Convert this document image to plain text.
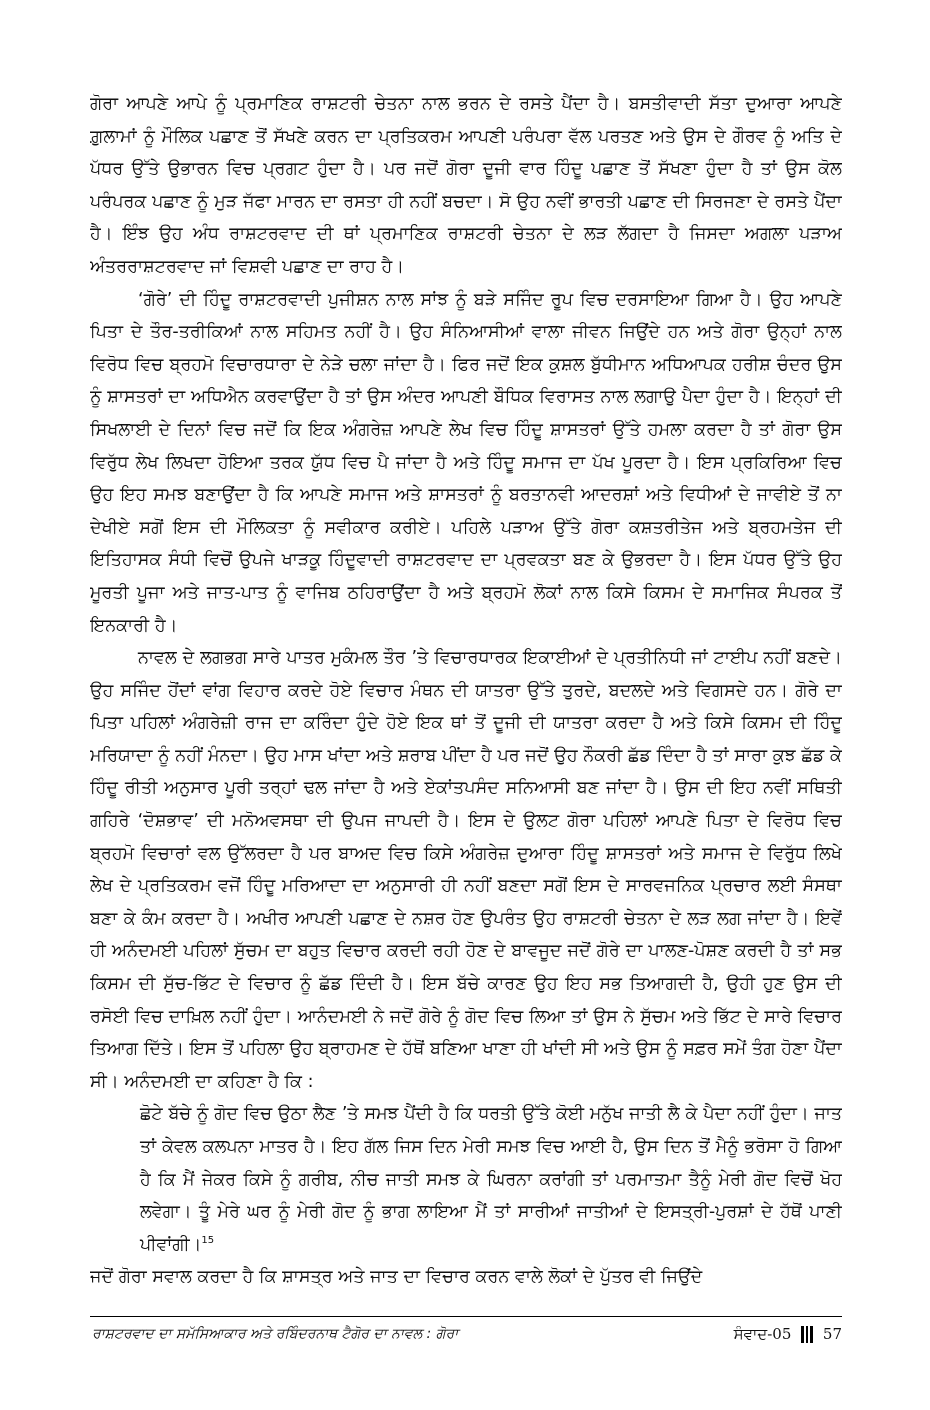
ਗੋਰਾ ਆਪਣੇ ਆਪੇ ਨੂੰ ਪ੍ਰਮਾਣਿਕ ਰਾਸ਼ਟਰੀ ਚੇਤਨਾ ਨਾਲ ਭਰਨ ਦੇ ਰਸਤੇ ਪੈਂਦਾ ਹੈ। ਬਸਤੀਵਾਦੀ ਸੱਤਾ ਦੁਆਰਾ ਆਪਣੇ ਗ਼ੁਲਾਮਾਂ ਨੂੰ ਮੌਲਿਕ ਪਛਾਣ ਤੋਂ ਸੱਖਣੇ ਕਰਨ ਦਾ ਪ੍ਰਤਿਕਰਮ ਆਪਣੀ ਪਰੰਪਰਾ ਵੱਲ ਪਰਤਣ ਅਤੇ ਉਸ ਦੇ ਗੌਰਵ ਨੂੰ ਅਤਿ ਦੇ ਪੱਧਰ ਉੱਤੇ ਉਭਾਰਨ ਵਿਚ ਪ੍ਰਗਟ ਹੁੰਦਾ ਹੈ। ਪਰ ਜਦੋਂ ਗੋਰਾ ਦੂਜੀ ਵਾਰ ਹਿੰਦੂ ਪਛਾਣ ਤੋਂ ਸੱਖਣਾ ਹੁੰਦਾ ਹੈ ਤਾਂ ਉਸ ਕੋਲ ਪਰੰਪਰਕ ਪਛਾਣ ਨੂੰ ਮੁੜ ਜੱਫਾ ਮਾਰਨ ਦਾ ਰਸਤਾ ਹੀ ਨਹੀਂ ਬਚਦਾ। ਸੋ ਉਹ ਨਵੀਂ ਭਾਰਤੀ ਪਛਾਣ ਦੀ ਸਿਰਜਣਾ ਦੇ ਰਸਤੇ ਪੈਂਦਾ ਹੈ। ਇੰਝ ਉਹ ਅੰਧ ਰਾਸ਼ਟਰਵਾਦ ਦੀ ਥਾਂ ਪ੍ਰਮਾਣਿਕ ਰਾਸ਼ਟਰੀ ਚੇਤਨਾ ਦੇ ਲੜ ਲੱਗਦਾ ਹੈ ਜਿਸਦਾ ਅਗਲਾ ਪੜਾਅ ਅੰਤਰਰਾਸ਼ਟਰਵਾਦ ਜਾਂ ਵਿਸ਼ਵੀ ਪਛਾਣ ਦਾ ਰਾਹ ਹੈ।

‘ਗੋਰੇ’ ਦੀ ਹਿੰਦੂ ਰਾਸ਼ਟਰਵਾਦੀ ਪੁਜੀਸ਼ਨ ਨਾਲ ਸਾਂਝ ਨੂੰ ਬੜੇ ਸਜਿੰਦ ਰੂਪ ਵਿਚ ਦਰਸਾਇਆ ਗਿਆ ਹੈ। ਉਹ ਆਪਣੇ ਪਿਤਾ ਦੇ ਤੌਰ-ਤਰੀਕਿਆਂ ਨਾਲ ਸਹਿਮਤ ਨਹੀਂ ਹੈ। ਉਹ ਸੰਨਿਆਸੀਆਂ ਵਾਲਾ ਜੀਵਨ ਜਿਉਂਦੇ ਹਨ ਅਤੇ ਗੋਰਾ ਉਨ੍ਹਾਂ ਨਾਲ ਵਿਰੋਧ ਵਿਚ ਬ੍ਰਹਮੋ ਵਿਚਾਰਧਾਰਾ ਦੇ ਨੇੜੇ ਚਲਾ ਜਾਂਦਾ ਹੈ। ਫਿਰ ਜਦੋਂ ਇਕ ਕੁਸ਼ਲ ਬੁੱਧੀਮਾਨ ਅਧਿਆਪਕ ਹਰੀਸ਼ ਚੰਦਰ ਉਸ ਨੂੰ ਸ਼ਾਸਤਰਾਂ ਦਾ ਅਧਿਐਨ ਕਰਵਾਉਂਦਾ ਹੈ ਤਾਂ ਉਸ ਅੰਦਰ ਆਪਣੀ ਬੌਧਿਕ ਵਿਰਾਸਤ ਨਾਲ ਲਗਾਉ ਪੈਦਾ ਹੁੰਦਾ ਹੈ। ਇਨ੍ਹਾਂ ਦੀ ਸਿਖਲਾਈ ਦੇ ਦਿਨਾਂ ਵਿਚ ਜਦੋਂ ਕਿ ਇਕ ਅੰਗਰੇਜ਼ ਆਪਣੇ ਲੇਖ ਵਿਚ ਹਿੰਦੂ ਸ਼ਾਸਤਰਾਂ ਉੱਤੇ ਹਮਲਾ ਕਰਦਾ ਹੈ ਤਾਂ ਗੋਰਾ ਉਸ ਵਿਰੁੱਧ ਲੇਖ ਲਿਖਦਾ ਹੋਇਆ ਤਰਕ ਯੁੱਧ ਵਿਚ ਪੈ ਜਾਂਦਾ ਹੈ ਅਤੇ ਹਿੰਦੂ ਸਮਾਜ ਦਾ ਪੱਖ ਪੂਰਦਾ ਹੈ। ਇਸ ਪ੍ਰਕਿਰਿਆ ਵਿਚ ਉਹ ਇਹ ਸਮਝ ਬਣਾਉਂਦਾ ਹੈ ਕਿ ਆਪਣੇ ਸਮਾਜ ਅਤੇ ਸ਼ਾਸਤਰਾਂ ਨੂੰ ਬਰਤਾਨਵੀ ਆਦਰਸ਼ਾਂ ਅਤੇ ਵਿਧੀਆਂ ਦੇ ਜਾਵੀਏ ਤੋਂ ਨਾ ਦੇਖੀਏ ਸਗੋਂ ਇਸ ਦੀ ਮੌਲਿਕਤਾ ਨੂੰ ਸਵੀਕਾਰ ਕਰੀਏ। ਪਹਿਲੇ ਪੜਾਅ ਉੱਤੇ ਗੋਰਾ ਕਸ਼ਤਰੀਤੇਜ ਅਤੇ ਬ੍ਰਹਮਤੇਜ ਦੀ ਇਤਿਹਾਸਕ ਸੰਧੀ ਵਿਚੋਂ ਉਪਜੇ ਖਾੜਕੂ ਹਿੰਦੂਵਾਦੀ ਰਾਸ਼ਟਰਵਾਦ ਦਾ ਪ੍ਰਵਕਤਾ ਬਣ ਕੇ ਉਭਰਦਾ ਹੈ। ਇਸ ਪੱਧਰ ਉੱਤੇ ਉਹ ਮੂਰਤੀ ਪੂਜਾ ਅਤੇ ਜਾਤ-ਪਾਤ ਨੂੰ ਵਾਜਿਬ ਠਹਿਰਾਉਂਦਾ ਹੈ ਅਤੇ ਬ੍ਰਹਮੋ ਲੋਕਾਂ ਨਾਲ ਕਿਸੇ ਕਿਸਮ ਦੇ ਸਮਾਜਿਕ ਸੰਪਰਕ ਤੋਂ ਇਨਕਾਰੀ ਹੈ।

ਨਾਵਲ ਦੇ ਲਗਭਗ ਸਾਰੇ ਪਾਤਰ ਮੁਕੰਮਲ ਤੌਰ ’ਤੇ ਵਿਚਾਰਧਾਰਕ ਇਕਾਈਆਂ ਦੇ ਪ੍ਰਤੀਨਿਧੀ ਜਾਂ ਟਾਈਪ ਨਹੀਂ ਬਣਦੇ। ਉਹ ਸਜਿੰਦ ਹੋਂਦਾਂ ਵਾਂਗ ਵਿਹਾਰ ਕਰਦੇ ਹੋਏ ਵਿਚਾਰ ਮੰਥਨ ਦੀ ਯਾਤਰਾ ਉੱਤੇ ਤੁਰਦੇ, ਬਦਲਦੇ ਅਤੇ ਵਿਗਸਦੇ ਹਨ। ਗੋਰੇ ਦਾ ਪਿਤਾ ਪਹਿਲਾਂ ਅੰਗਰੇਜ਼ੀ ਰਾਜ ਦਾ ਕਰਿੰਦਾ ਹੁੰਦੇ ਹੋਏ ਇਕ ਥਾਂ ਤੋਂ ਦੂਜੀ ਦੀ ਯਾਤਰਾ ਕਰਦਾ ਹੈ ਅਤੇ ਕਿਸੇ ਕਿਸਮ ਦੀ ਹਿੰਦੂ ਮਰਿਯਾਦਾ ਨੂੰ ਨਹੀਂ ਮੰਨਦਾ। ਉਹ ਮਾਸ ਖਾਂਦਾ ਅਤੇ ਸ਼ਰਾਬ ਪੀਂਦਾ ਹੈ ਪਰ ਜਦੋਂ ਉਹ ਨੌਕਰੀ ਛੱਡ ਦਿੰਦਾ ਹੈ ਤਾਂ ਸਾਰਾ ਕੁਝ ਛੱਡ ਕੇ ਹਿੰਦੂ ਰੀਤੀ ਅਨੁਸਾਰ ਪੂਰੀ ਤਰ੍ਹਾਂ ਢਲ ਜਾਂਦਾ ਹੈ ਅਤੇ ਏਕਾਂਤਪਸੰਦ ਸਨਿਆਸੀ ਬਣ ਜਾਂਦਾ ਹੈ। ਉਸ ਦੀ ਇਹ ਨਵੀਂ ਸਥਿਤੀ ਗਹਿਰੇ ‘ਦੋਸ਼ਭਾਵ’ ਦੀ ਮਨੋਅਵਸਥਾ ਦੀ ਉਪਜ ਜਾਪਦੀ ਹੈ। ਇਸ ਦੇ ਉਲਟ ਗੋਰਾ ਪਹਿਲਾਂ ਆਪਣੇ ਪਿਤਾ ਦੇ ਵਿਰੋਧ ਵਿਚ ਬ੍ਰਹਮੋ ਵਿਚਾਰਾਂ ਵਲ ਉੱਲਰਦਾ ਹੈ ਪਰ ਬਾਅਦ ਵਿਚ ਕਿਸੇ ਅੰਗਰੇਜ਼ ਦੁਆਰਾ ਹਿੰਦੂ ਸ਼ਾਸਤਰਾਂ ਅਤੇ ਸਮਾਜ ਦੇ ਵਿਰੁੱਧ ਲਿਖੇ ਲੇਖ ਦੇ ਪ੍ਰਤਿਕਰਮ ਵਜੋਂ ਹਿੰਦੂ ਮਰਿਆਦਾ ਦਾ ਅਨੁਸਾਰੀ ਹੀ ਨਹੀਂ ਬਣਦਾ ਸਗੋਂ ਇਸ ਦੇ ਸਾਰਵਜਨਿਕ ਪ੍ਰਚਾਰ ਲਈ ਸੰਸਥਾ ਬਣਾ ਕੇ ਕੰਮ ਕਰਦਾ ਹੈ। ਅਖੀਰ ਆਪਣੀ ਪਛਾਣ ਦੇ ਨਸ਼ਰ ਹੋਣ ਉਪਰੰਤ ਉਹ ਰਾਸ਼ਟਰੀ ਚੇਤਨਾ ਦੇ ਲੜ ਲਗ ਜਾਂਦਾ ਹੈ। ਇਵੇਂ ਹੀ ਅਨੰਦਮਈ ਪਹਿਲਾਂ ਸੁੱਚਮ ਦਾ ਬਹੁਤ ਵਿਚਾਰ ਕਰਦੀ ਰਹੀ ਹੋਣ ਦੇ ਬਾਵਜੂਦ ਜਦੋਂ ਗੋਰੇ ਦਾ ਪਾਲਣ-ਪੋਸ਼ਣ ਕਰਦੀ ਹੈ ਤਾਂ ਸਭ ਕਿਸਮ ਦੀ ਸੁੱਚ-ਭਿੱਟ ਦੇ ਵਿਚਾਰ ਨੂੰ ਛੱਡ ਦਿੰਦੀ ਹੈ। ਇਸ ਬੱਚੇ ਕਾਰਣ ਉਹ ਇਹ ਸਭ ਤਿਆਗਦੀ ਹੈ, ਉਹੀ ਹੁਣ ਉਸ ਦੀ ਰਸੋਈ ਵਿਚ ਦਾਖ਼ਿਲ ਨਹੀਂ ਹੁੰਦਾ। ਆਨੰਦਮਈ ਨੇ ਜਦੋਂ ਗੋਰੇ ਨੂੰ ਗੋਦ ਵਿਚ ਲਿਆ ਤਾਂ ਉਸ ਨੇ ਸੁੱਚਮ ਅਤੇ ਭਿੱਟ ਦੇ ਸਾਰੇ ਵਿਚਾਰ ਤਿਆਗ ਦਿੱਤੇ। ਇਸ ਤੋਂ ਪਹਿਲਾ ਉਹ ਬ੍ਰਾਹਮਣ ਦੇ ਹੱਥੋਂ ਬਣਿਆ ਖਾਣਾ ਹੀ ਖਾਂਦੀ ਸੀ ਅਤੇ ਉਸ ਨੂੰ ਸਫ਼ਰ ਸਮੇਂ ਤੰਗ ਹੋਣਾ ਪੈਂਦਾ ਸੀ। ਅਨੰਦਮਈ ਦਾ ਕਹਿਣਾ ਹੈ ਕਿ :

ਛੋਟੇ ਬੱਚੇ ਨੂੰ ਗੋਦ ਵਿਚ ਉਠਾ ਲੈਣ ’ਤੇ ਸਮਝ ਪੈਂਦੀ ਹੈ ਕਿ ਧਰਤੀ ਉੱਤੇ ਕੋਈ ਮਨੁੱਖ ਜਾਤੀ ਲੈ ਕੇ ਪੈਦਾ ਨਹੀਂ ਹੁੰਦਾ। ਜਾਤ ਤਾਂ ਕੇਵਲ ਕਲਪਨਾ ਮਾਤਰ ਹੈ। ਇਹ ਗੱਲ ਜਿਸ ਦਿਨ ਮੇਰੀ ਸਮਝ ਵਿਚ ਆਈ ਹੈ, ਉਸ ਦਿਨ ਤੋਂ ਮੈਨੂੰ ਭਰੋਸਾ ਹੋ ਗਿਆ ਹੈ ਕਿ ਮੈਂ ਜੇਕਰ ਕਿਸੇ ਨੂੰ ਗਰੀਬ, ਨੀਚ ਜਾਤੀ ਸਮਝ ਕੇ ਘਿਰਨਾ ਕਰਾਂਗੀ ਤਾਂ ਪਰਮਾਤਮਾ ਤੈਨੂੰ ਮੇਰੀ ਗੋਦ ਵਿਚੋਂ ਖੋਹ ਲਵੇਗਾ। ਤੂੰ ਮੇਰੇ ਘਰ ਨੂੰ ਮੇਰੀ ਗੋਦ ਨੂੰ ਭਾਗ ਲਾਇਆ ਮੈਂ ਤਾਂ ਸਾਰੀਆਂ ਜਾਤੀਆਂ ਦੇ ਇਸਤ੍ਰੀ-ਪੁਰਸ਼ਾਂ ਦੇ ਹੱਥੋਂ ਪਾਣੀ ਪੀਵਾਂਗੀ।$^{15}$

ਜਦੋਂ ਗੋਰਾ ਸਵਾਲ ਕਰਦਾ ਹੈ ਕਿ ਸ਼ਾਸਤ੍ਰ ਅਤੇ ਜਾਤ ਦਾ ਵਿਚਾਰ ਕਰਨ ਵਾਲੇ ਲੋਕਾਂ ਦੇ ਪੁੱਤਰ ਵੀ ਜਿਉਂਦੇ

ਰਾਸ਼ਟਰਵਾਦ ਦਾ ਸਮੱਸਿਆਕਾਰ ਅਤੇ ਰਬਿੰਦਰਨਾਥ ਟੈਗੋਰ ਦਾ ਨਾਵਲ : ਗੋਰਾ	ਸੰਵਾਦ-05 57
